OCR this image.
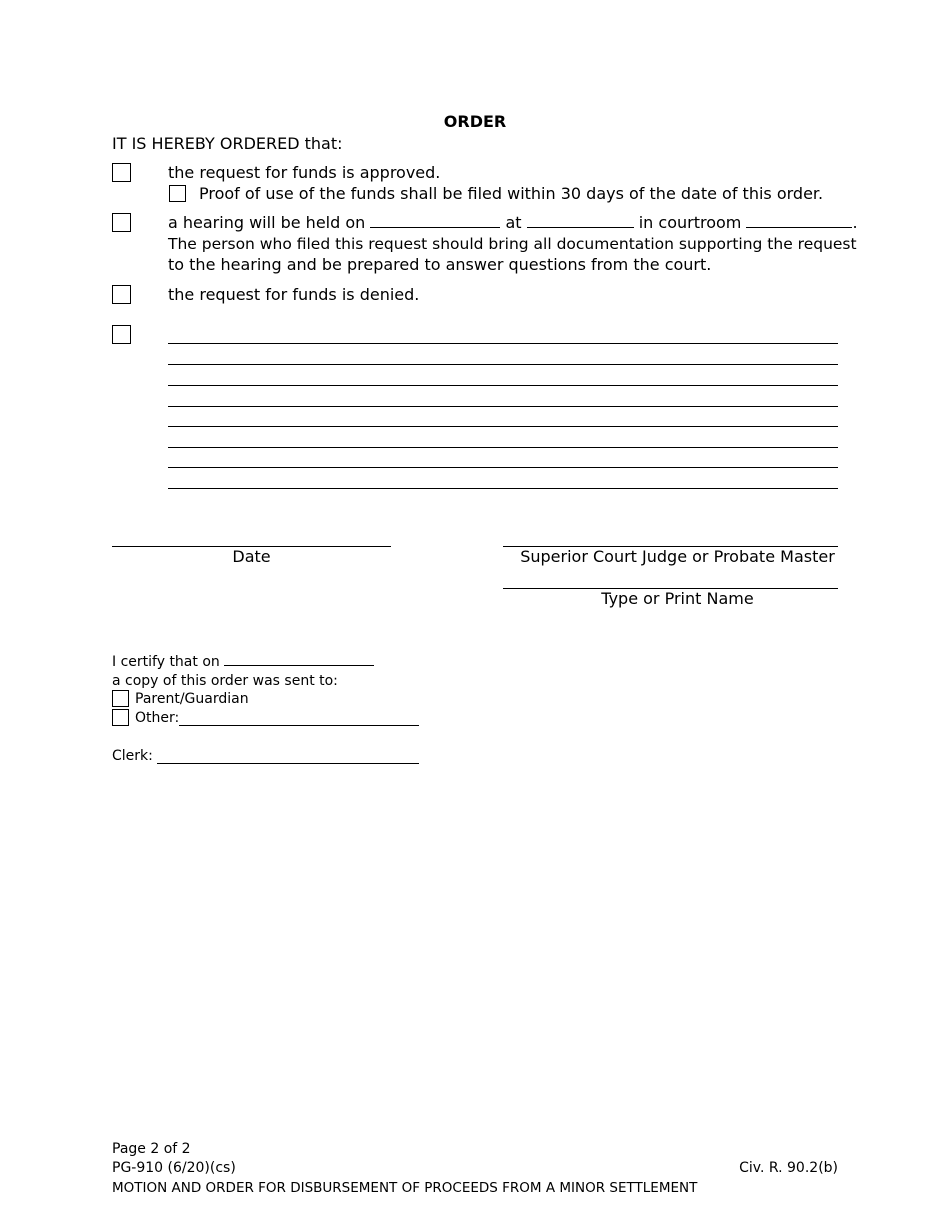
ORDER
IT IS HEREBY ORDERED that:
the request for funds is approved.
Proof of use of the funds shall be filed within 30 days of the date of this order.
a hearing will be held on	at	in courtroom	.
The person who filed this request should bring all documentation supporting the request
to the hearing and be prepared to answer questions from the court.
the request for funds is denied.
Date	Superior Court Judge or Probate Master
Type or Print Name
I certify that on
a copy of this order was sent to:
Parent/Guardian
Other:
Clerk:
Page 2 of 2
PG-910 (6/20)(cs)	Civ. R. 90.2(b)
MOTION AND ORDER FOR DISBURSEMENT OF PROCEEDS FROM A MINOR SETTLEMENT
